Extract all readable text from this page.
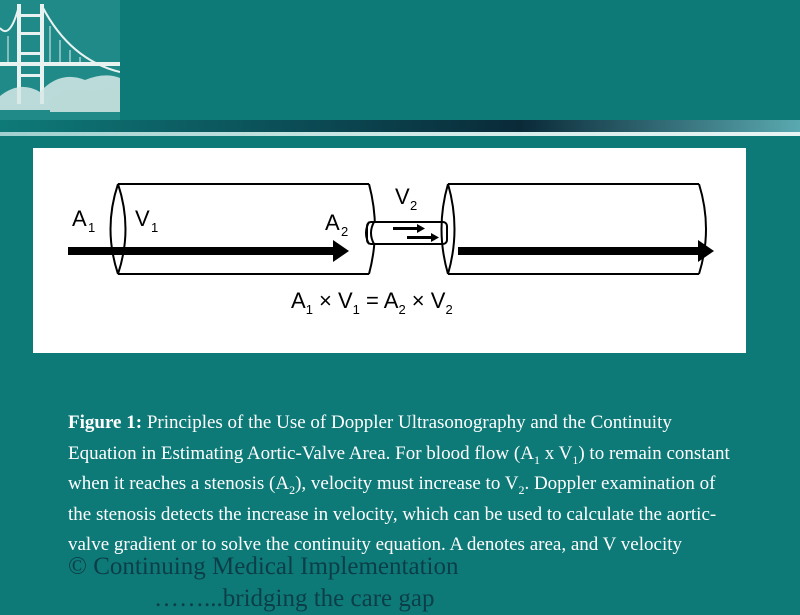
A 1 V 1	A 2
V 2
$A_1 \times V_1 = A_2 \times V_2$
© Continuing Medical Implementation
……...bridging the care gap
Figure 1: Principles of the Use of Doppler Ultrasonography and the Continuity Equation in Estimating Aortic-Valve Area. For blood flow ($A_1$ x $V_1$) to remain constant when it reaches a stenosis $(A_2)$, velocity must increase to $V_2$. Doppler examination of the stenosis detects the increase in velocity, which can be used to calculate the aortic-valve gradient or to solve the continuity equation. A denotes area, and V velocity
